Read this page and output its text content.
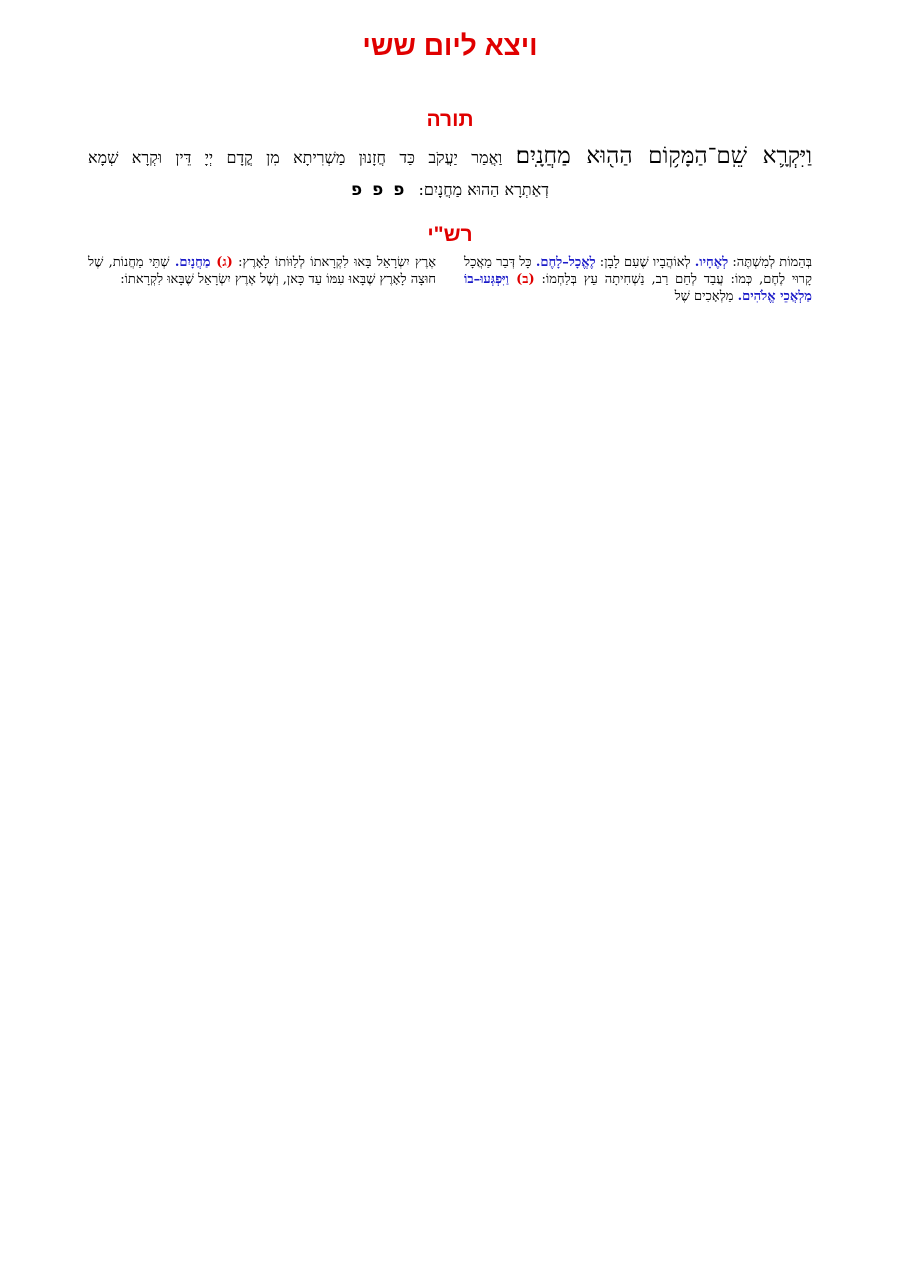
ויצא ליום ששי
תורה
וַיִּקְרָ֛א שֵֽׁם־הַמָּק֥וֹם הַה֖וּא מַחֲנָֽיִם׃ וַאֲמַר יַעֲקֹב כַּד חֲזָנוּן מַשְׁרִיתָא מִן קֳדָם יְיָ דֵּין וּקְרָא שְׁמָא
דְאַתְרָא הַהוּא מַחֲנָיִם:פ פ פ
רש"י
בְּהֵמוֹת לְמִשְׁתֶּה: לְאֶחָיו. לְאוֹהֲבָיו שֶׁעִם לָבָן: לֶאֱכָל–לָחֶם. כָּל דְּבַר מַאֲכָל קָרוּי לֶחֶם, כְּמוֹ: עֲבַד לְחֵם רַב, נַשְׁחִיתָה עֵץ בְּלַחְמוֹ: (ב) וַיִּפְגְּעוּ–בוֹ מַלְאֲכֵי אֱלֹהִים. מַלְאָכִים שֶׁל
אֶרֶץ יִשְׂרָאֵל בָּאוּ לִקְרָאתוֹ לְלַוּוֹתוֹ לָאָרֶץ: (ג) מַחֲנָיִם. שְׁתֵּי מַחֲנוֹת, שֶׁל חוּצָה לָאָרֶץ שֶׁבָּאוּ עִמּוֹ עַד כָּאן, וְשֶׁל אֶרֶץ יִשְׂרָאֵל שֶׁבָּאוּ לִקְרָאתוֹ:
